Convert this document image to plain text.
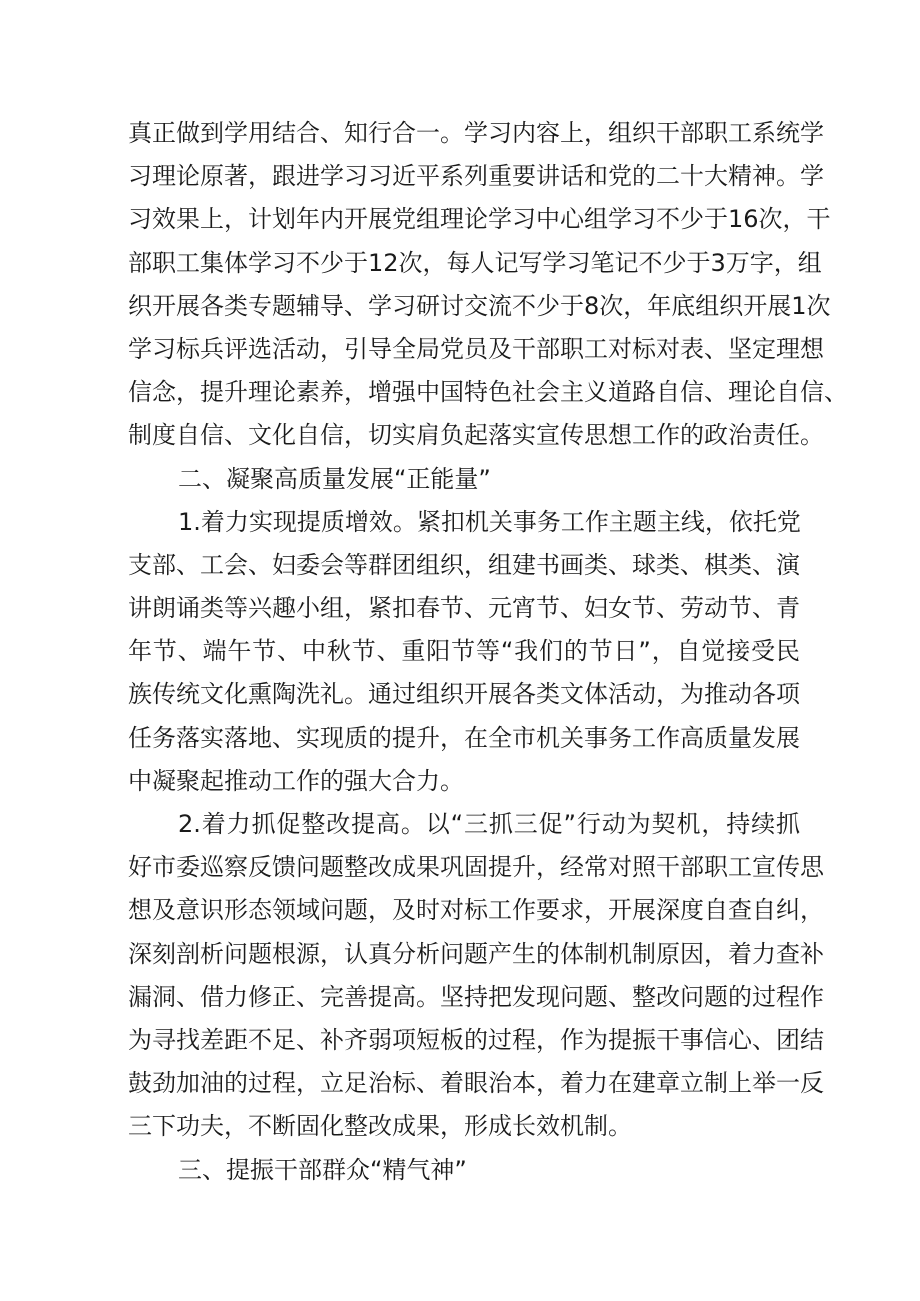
真正做到学用结合、知行合一。学习内容上，组织干部职工系统学
习理论原著，跟进学习习近平系列重要讲话和党的二十大精神。学
习效果上，计划年内开展党组理论学习中心组学习不少于16次，干
部职工集体学习不少于12次，每人记写学习笔记不少于3万字，组
织开展各类专题辅导、学习研讨交流不少于8次，年底组织开展1次
学习标兵评选活动，引导全局党员及干部职工对标对表、坚定理想
信念，提升理论素养，增强中国特色社会主义道路自信、理论自信、
制度自信、文化自信，切实肩负起落实宣传思想工作的政治责任。
二、凝聚高质量发展“正能量”
1.着力实现提质增效。紧扣机关事务工作主题主线，依托党
支部、工会、妇委会等群团组织，组建书画类、球类、棋类、演
讲朗诵类等兴趣小组，紧扣春节、元宵节、妇女节、劳动节、青
年节、端午节、中秋节、重阳节等“我们的节日”，自觉接受民
族传统文化熏陶洗礼。通过组织开展各类文体活动，为推动各项
任务落实落地、实现质的提升，在全市机关事务工作高质量发展
中凝聚起推动工作的强大合力。
2.着力抓促整改提高。以“三抓三促”行动为契机，持续抓
好市委巡察反馈问题整改成果巩固提升，经常对照干部职工宣传思
想及意识形态领域问题，及时对标工作要求，开展深度自查自纠，
深刻剖析问题根源，认真分析问题产生的体制机制原因，着力查补
漏洞、借力修正、完善提高。坚持把发现问题、整改问题的过程作
为寻找差距不足、补齐弱项短板的过程，作为提振干事信心、团结
鼓劲加油的过程，立足治标、着眼治本，着力在建章立制上举一反
三下功夫，不断固化整改成果，形成长效机制。
三、提振干部群众“精气神”
